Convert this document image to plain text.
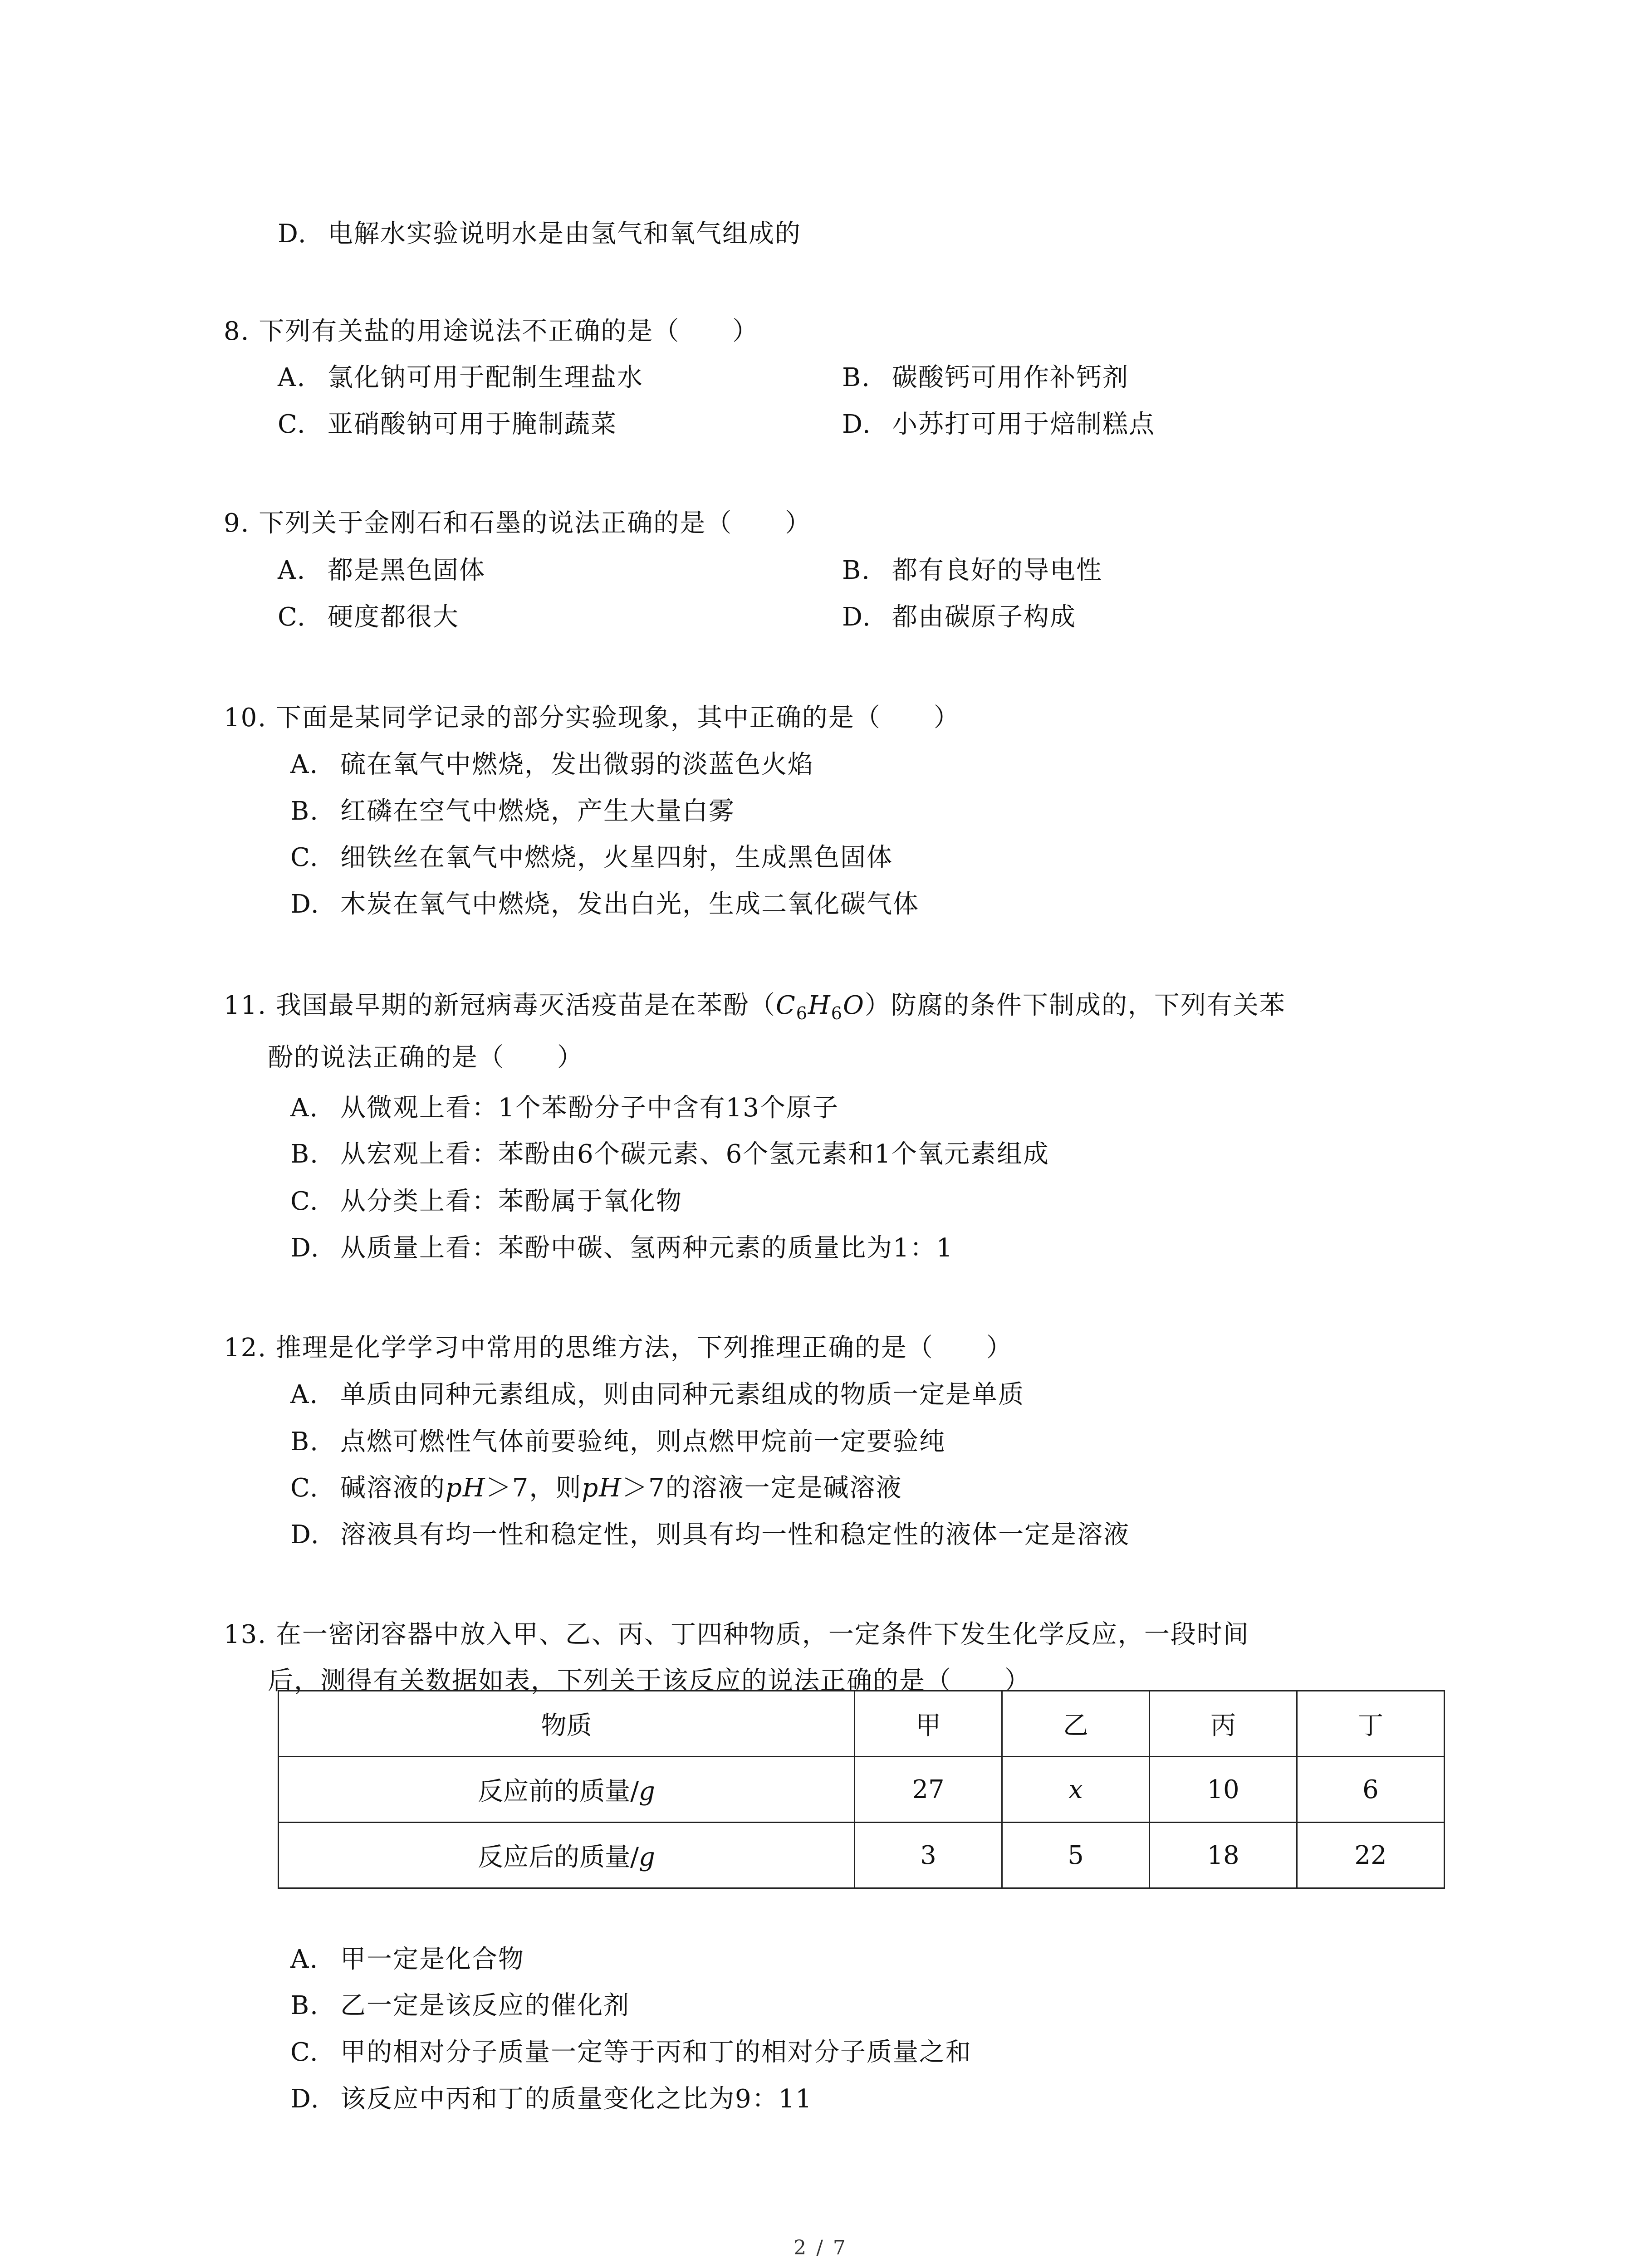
D. 电解水实验说明水是由氢气和氧气组成的
8. 下列有关盐的用途说法不正确的是（　　）
A. 氯化钠可用于配制生理盐水	B. 碳酸钙可用作补钙剂
C. 亚硝酸钠可用于腌制蔬菜	D. 小苏打可用于焙制糕点
9. 下列关于金刚石和石墨的说法正确的是（　　）
A. 都是黑色固体	B. 都有良好的导电性
C. 硬度都很大	D. 都由碳原子构成
10. 下面是某同学记录的部分实验现象，其中正确的是（　　）
A. 硫在氧气中燃烧，发出微弱的淡蓝色火焰
B. 红磷在空气中燃烧，产生大量白雾
C. 细铁丝在氧气中燃烧，火星四射，生成黑色固体
D. 木炭在氧气中燃烧，发出白光，生成二氧化碳气体
11. 我国最早期的新冠病毒灭活疫苗是在苯酚$(C_6H_6O)$防腐的条件下制成的，下列有关苯
酚的说法正确的是（　　）
A. 从微观上看：1个苯酚分子中含有13个原子
B. 从宏观上看：苯酚由6个碳元素、6个氢元素和1个氧元素组成
C. 从分类上看：苯酚属于氧化物
D. 从质量上看：苯酚中碳、氢两种元素的质量比为1：1
12. 推理是化学学习中常用的思维方法，下列推理正确的是（　　）
A. 单质由同种元素组成，则由同种元素组成的物质一定是单质
B. 点燃可燃性气体前要验纯，则点燃甲烷前一定要验纯
C. 碱溶液的pH＞7，则pH＞7的溶液一定是碱溶液
D. 溶液具有均一性和稳定性，则具有均一性和稳定性的液体一定是溶液
13. 在一密闭容器中放入甲、乙、丙、丁四种物质，一定条件下发生化学反应，一段时间
后，测得有关数据如表，下列关于该反应的说法正确的是（　　）
物质	甲	乙	丙	丁
反应前的质量/g	27	x	10	6
反应后的质量/g	3	5	18	22
A. 甲一定是化合物
B. 乙一定是该反应的催化剂
C. 甲的相对分子质量一定等于丙和丁的相对分子质量之和
D. 该反应中丙和丁的质量变化之比为9：11
2 / 7
